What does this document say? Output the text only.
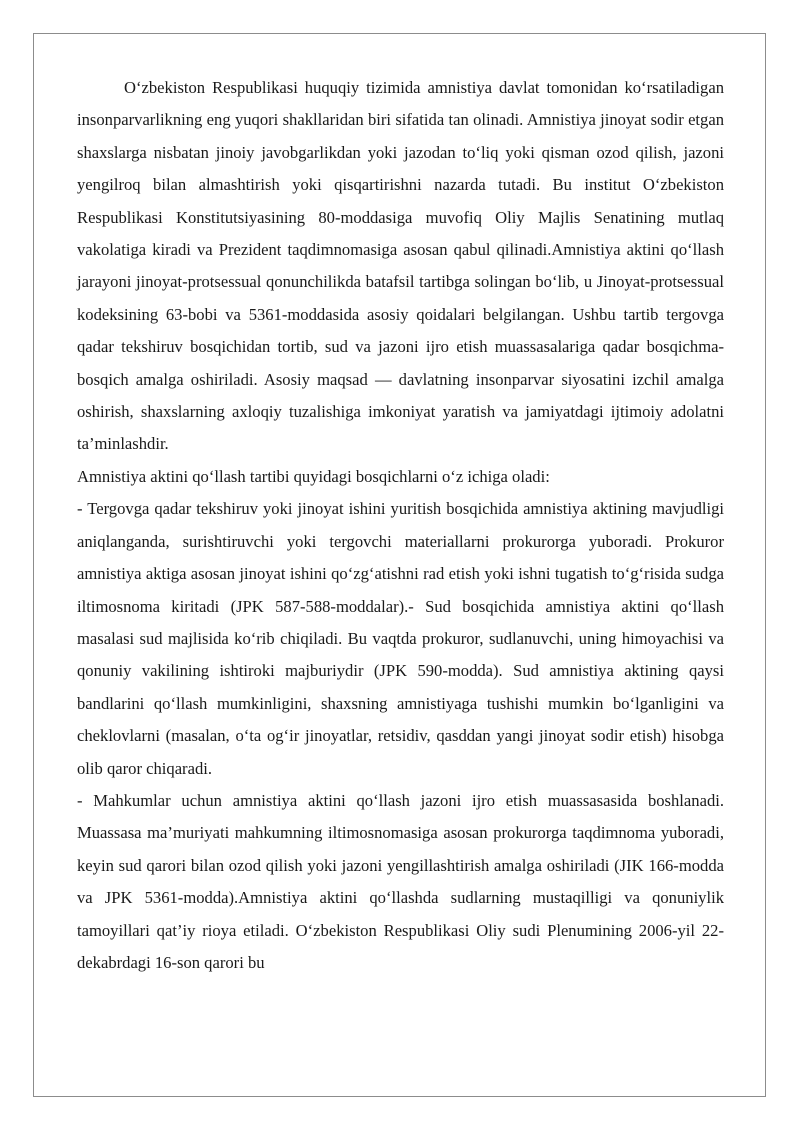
O‘zbekiston Respublikasi huquqiy tizimida amnistiya davlat tomonidan ko‘rsatiladigan insonparvarlikning eng yuqori shakllaridan biri sifatida tan olinadi. Amnistiya jinoyat sodir etgan shaxslarga nisbatan jinoiy javobgarlikdan yoki jazodan to‘liq yoki qisman ozod qilish, jazoni yengilroq bilan almashtirish yoki qisqartirishni nazarda tutadi. Bu institut O‘zbekiston Respublikasi Konstitutsiyasining 80-moddasiga muvofiq Oliy Majlis Senatining mutlaq vakolatiga kiradi va Prezident taqdimnomasiga asosan qabul qilinadi.Amnistiya aktini qo‘llash jarayoni jinoyat-protsessual qonunchilikda batafsil tartibga solingan bo‘lib, u Jinoyat-protsessual kodeksining 63-bobi va 5361-moddasida asosiy qoidalari belgilangan. Ushbu tartib tergovga qadar tekshiruv bosqichidan tortib, sud va jazoni ijro etish muassasalariga qadar bosqichma-bosqich amalga oshiriladi. Asosiy maqsad — davlatning insonparvar siyosatini izchil amalga oshirish, shaxslarning axloqiy tuzalishiga imkoniyat yaratish va jamiyatdagi ijtimoiy adolatni ta’minlashdir.

Amnistiya aktini qo‘llash tartibi quyidagi bosqichlarni o‘z ichiga oladi:

- Tergovga qadar tekshiruv yoki jinoyat ishini yuritish bosqichida amnistiya aktining mavjudligi aniqlanganda, surishtiruvchi yoki tergovchi materiallarni prokurorga yuboradi. Prokuror amnistiya aktiga asosan jinoyat ishini qo‘zg‘atishni rad etish yoki ishni tugatish to‘g‘risida sudga iltimosnoma kiritadi (JPK 587-588-moddalar).- Sud bosqichida amnistiya aktini qo‘llash masalasi sud majlisida ko‘rib chiqiladi. Bu vaqtda prokuror, sudlanuvchi, uning himoyachisi va qonuniy vakilining ishtiroki majburiydir (JPK 590-modda). Sud amnistiya aktining qaysi bandlarini qo‘llash mumkinligini, shaxsning amnistiyaga tushishi mumkin bo‘lganligini va cheklovlarni (masalan, o‘ta og‘ir jinoyatlar, retsidiv, qasddan yangi jinoyat sodir etish) hisobga olib qaror chiqaradi.

- Mahkumlar uchun amnistiya aktini qo‘llash jazoni ijro etish muassasasida boshlanadi. Muassasa ma’muriyati mahkumning iltimosnomasiga asosan prokurorga taqdimnoma yuboradi, keyin sud qarori bilan ozod qilish yoki jazoni yengillashtirish amalga oshiriladi (JIK 166-modda va JPK 5361-modda).Amnistiya aktini qo‘llashda sudlarning mustaqilligi va qonuniylik tamoyillari qat’iy rioya etiladi. O‘zbekiston Respublikasi Oliy sudi Plenumining 2006-yil 22-dekabrdagi 16-son qarori bu
